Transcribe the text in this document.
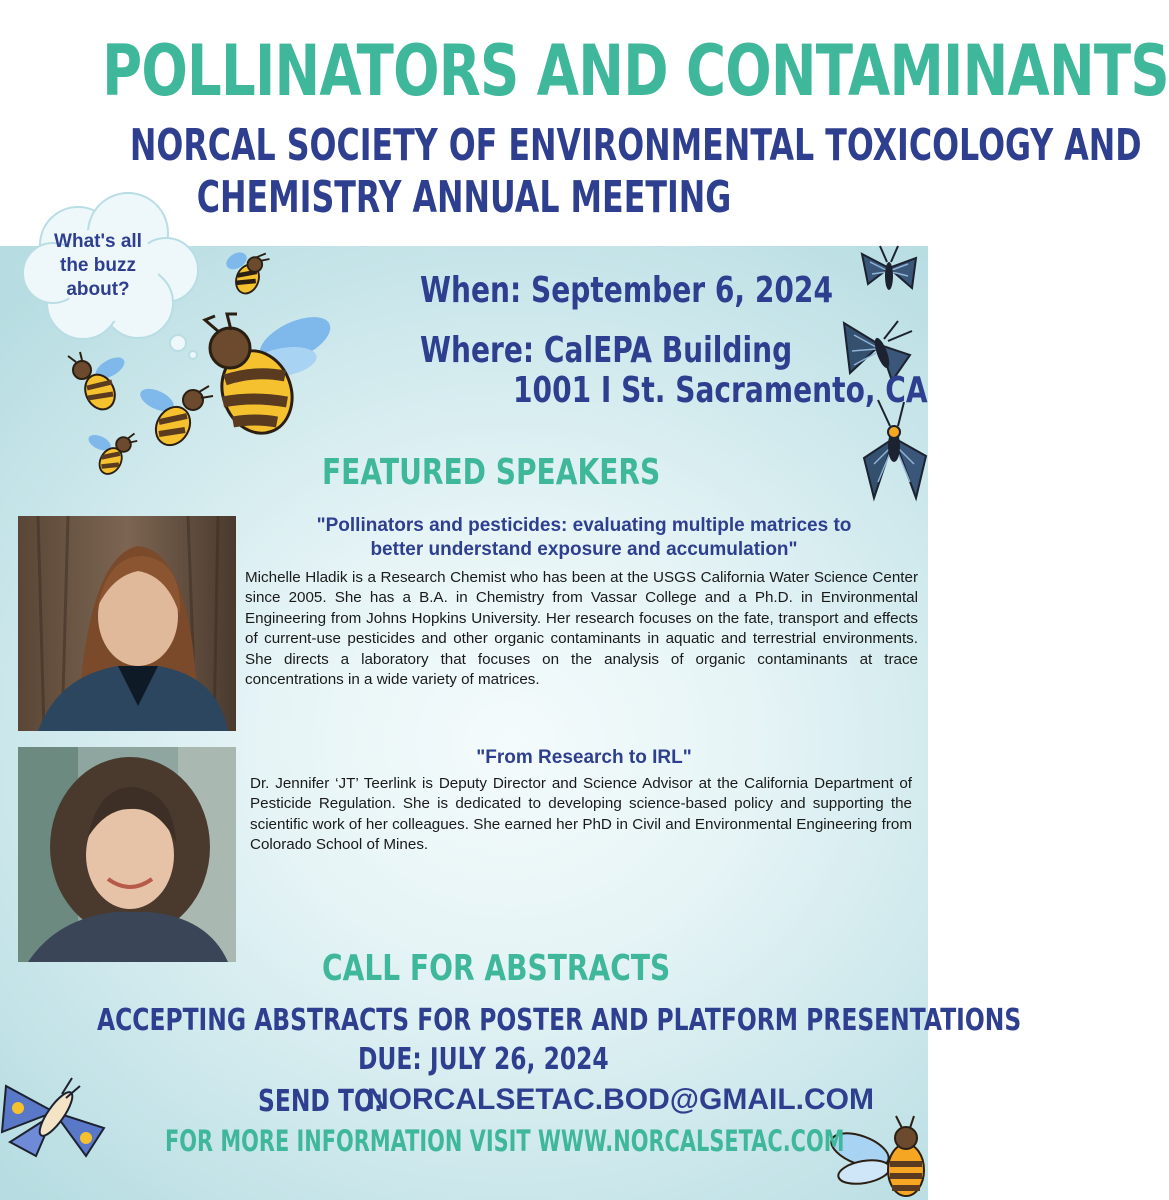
POLLINATORS AND CONTAMINANTS
NORCAL SOCIETY OF ENVIRONMENTAL TOXICOLOGY AND
CHEMISTRY ANNUAL MEETING
What's all
the buzz
about?	When: September 6, 2024
Where: CalEPA Building
1001 I St. Sacramento, CA
FEATURED SPEAKERS
"Pollinators and pesticides: evaluating multiple matrices to
better understand exposure and accumulation"
Michelle Hladik is a Research Chemist who has been at the USGS California Water Science Center since 2005. She has a B.A. in Chemistry from Vassar College and a Ph.D. in Environmental Engineering from Johns Hopkins University. Her research focuses on the fate, transport and effects of current-use pesticides and other organic contaminants in aquatic and terrestrial environments. She directs a laboratory that focuses on the analysis of organic contaminants at trace concentrations in a wide variety of matrices.
"From Research to IRL"
Dr. Jennifer ‘JT’ Teerlink is Deputy Director and Science Advisor at the California Department of Pesticide Regulation. She is dedicated to developing science-based policy and supporting the scientific work of her colleagues. She earned her PhD in Civil and Environmental Engineering from Colorado School of Mines.
CALL FOR ABSTRACTS
ACCEPTING ABSTRACTS FOR POSTER AND PLATFORM PRESENTATIONS
DUE: JULY 26, 2024
SEND TO:
NORCALSETAC.BOD@GMAIL.COM
FOR MORE INFORMATION VISIT WWW.NORCALSETAC.COM
